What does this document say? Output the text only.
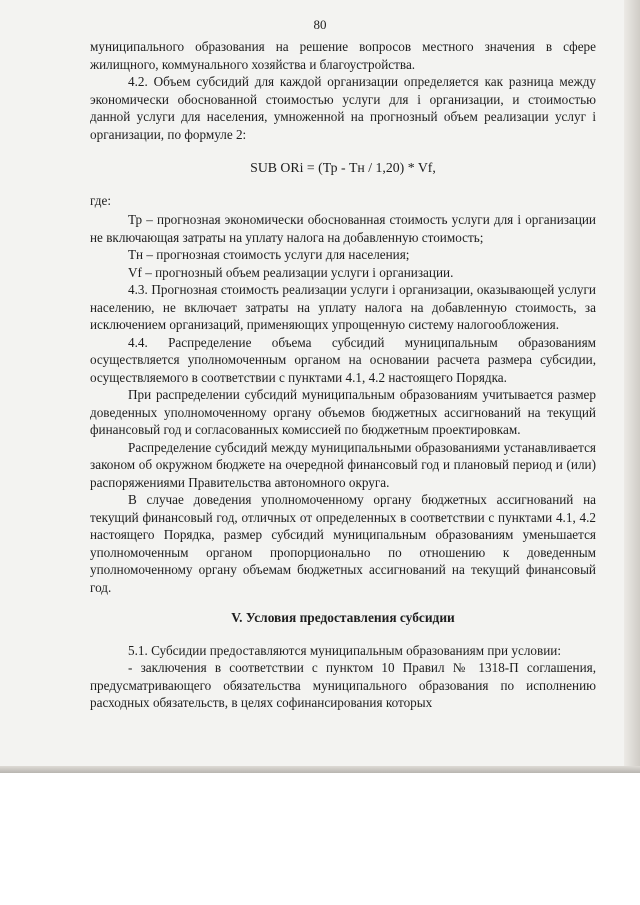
80

муниципального образования на решение вопросов местного значения в сфере жилищного, коммунального хозяйства и благоустройства.

4.2. Объем субсидий для каждой организации определяется как разница между экономически обоснованной стоимостью услуги для i организации, и стоимостью данной услуги для населения, умноженной на прогнозный объем реализации услуг i организации, по формуле 2:

SUB ORi = (Тр - Тн / 1,20) * Vf,

где:

Тр – прогнозная экономически обоснованная стоимость услуги для i организации не включающая затраты на уплату налога на добавленную стоимость;

Тн – прогнозная стоимость услуги для населения;

Vf – прогнозный объем реализации услуги i организации.

4.3. Прогнозная стоимость реализации услуги i организации, оказывающей услуги населению, не включает затраты на уплату налога на добавленную стоимость, за исключением организаций, применяющих упрощенную систему налогообложения.

4.4. Распределение объема субсидий муниципальным образованиям осуществляется уполномоченным органом на основании расчета размера субсидии, осуществляемого в соответствии с пунктами 4.1, 4.2 настоящего Порядка.

При распределении субсидий муниципальным образованиям учитывается размер доведенных уполномоченному органу объемов бюджетных ассигнований на текущий финансовый год и согласованных комиссией по бюджетным проектировкам.

Распределение субсидий между муниципальными образованиями устанавливается законом об окружном бюджете на очередной финансовый год и плановый период и (или) распоряжениями Правительства автономного округа.

В случае доведения уполномоченному органу бюджетных ассигнований на текущий финансовый год, отличных от определенных в соответствии с пунктами 4.1, 4.2 настоящего Порядка, размер субсидий муниципальным образованиям уменьшается уполномоченным органом пропорционально по отношению к доведенным уполномоченному органу объемам бюджетных ассигнований на текущий финансовый год.

V. Условия предоставления субсидии

5.1. Субсидии предоставляются муниципальным образованиям при условии:

- заключения в соответствии с пунктом 10 Правил № 1318-П соглашения, предусматривающего обязательства муниципального образования по исполнению расходных обязательств, в целях софинансирования которых
